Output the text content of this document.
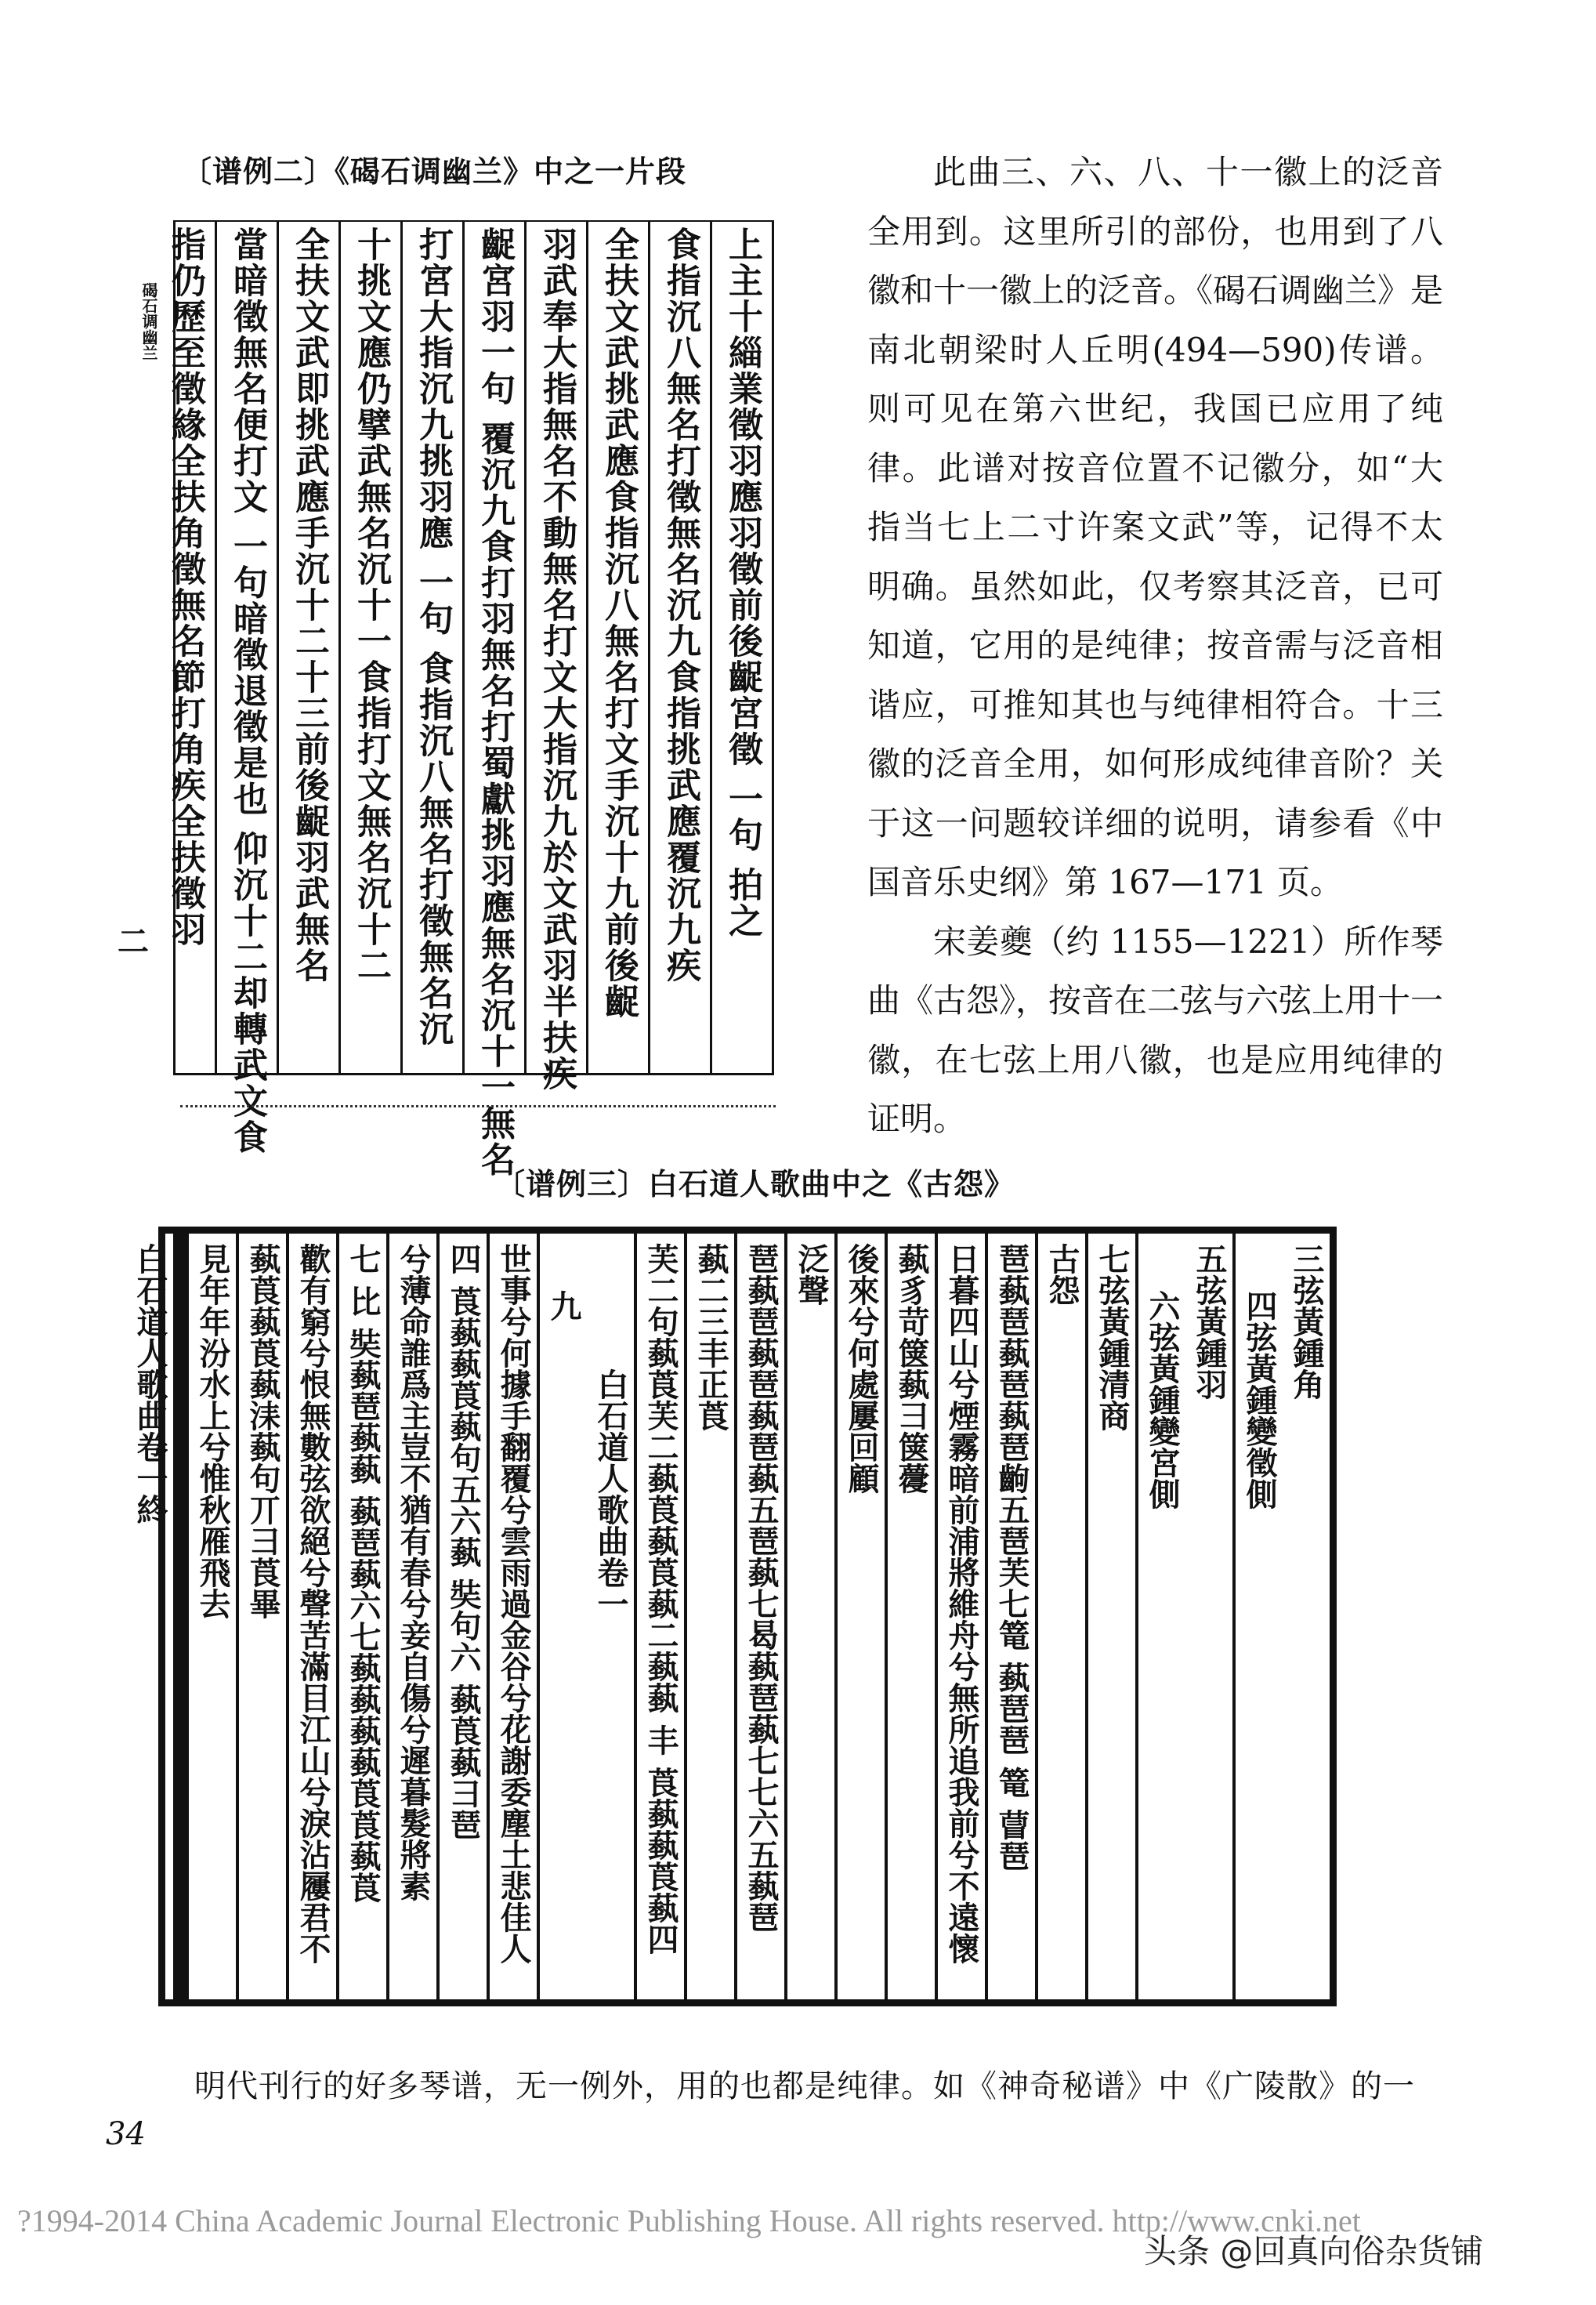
〔谱例二〕《碣石调幽兰》中之一片段
碣石调幽兰
二
上主十緇業徵羽應羽徵前後齪宮徵 一句 拍之
食指沉八無名打徵無名沉九食指挑武應覆沉九疾
全扶文武挑武應食指沉八無名打文手沉十九前後齪
羽武奉大指無名不動無名打文大指沉九於文武羽半扶疾
齪宮羽一句 覆沉九食打羽無名打蜀獻挑羽應無名沉十一無名
打宮大指沉九挑羽應 一句 食指沉八無名打徵無名沉
十挑文應仍擘武無名沉十一食指打文無名沉十二
全扶文武即挑武應手沉十二十三前後齪羽武無名
當暗徵無名便打文 一句暗徵退徵是也 仰沉十二却轉武文食
指仍歷至徵緣全扶角徵無名節打角疾全扶徵羽

此曲三、六、八、十一徽上的泛音全用到。这里所引的部份，也用到了八徽和十一徽上的泛音。《碣石调幽兰》是南北朝梁时人丘明(494—590)传谱。则可见在第六世纪，我国已应用了纯律。此谱对按音位置不记徽分，如“大指当七上二寸许案文武”等，记得不太明确。虽然如此，仅考察其泛音，已可知道，它用的是纯律；按音需与泛音相谐应，可推知其也与纯律相符合。十三徽的泛音全用，如何形成纯律音阶？关于这一问题较详细的说明，请参看《中国音乐史纲》第 167—171 页。

宋姜夔（约 1155—1221）所作琴曲《古怨》，按音在二弦与六弦上用十一徽，在七弦上用八徽，也是应用纯律的证明。

〔谱例三〕白石道人歌曲中之《古怨》
三弦黃鍾角
四弦黃鍾變徵側
五弦黃鍾羽
六弦黃鍾變宮側
七弦黃鍾清商
古怨
琶蓺琶蓺琶蓺琶齣五琶芙七篭 蓺琶琶 篭 萺琶
日暮四山兮煙霧暗前浦將維舟兮無所追我前兮不遠懷
蓺豸苛箧蓺彐箧蘉
後來兮何處屢回顧
泛聲
琶蓺琶蓺琶蓺琶蓺五琶蓺七曷蓺琶蓺七七六五蓺琶
蓺二三丰正莨
芙二句蓺莨芙二蓺莨蓺莨蓺二蓺蓺 丰 莨蓺蓺莨蓺四
白石道人歌曲卷一
九
世事兮何據手翻覆兮雲雨過金谷兮花謝委塵土悲佳人
四 莨蓺蓺莨蓺句五六蓺 奘句六 蓺莨蓺彐琶
兮薄命誰爲主豈不猶有春兮妾自傷兮遲暮髮將素
七 比 奘蓺琶蓺蓺 蓺琶蓺六七蓺蓺蓺蓺莨莨蓺莨
歡有窮兮恨無數弦欲絕兮聲苦滿目江山兮淚沾屨君不
蓺莨蓺莨蓺洡蓺句丌彐莨畢
見年年汾水上兮惟秋雁飛去
白石道人歌曲卷一終
明代刊行的好多琴谱，无一例外，用的也都是纯律。如《神奇秘谱》中《广陵散》的一
34
?1994-2014 China Academic Journal Electronic Publishing House. All rights reserved. http://www.cnki.net
头条 @回真向俗杂货铺
